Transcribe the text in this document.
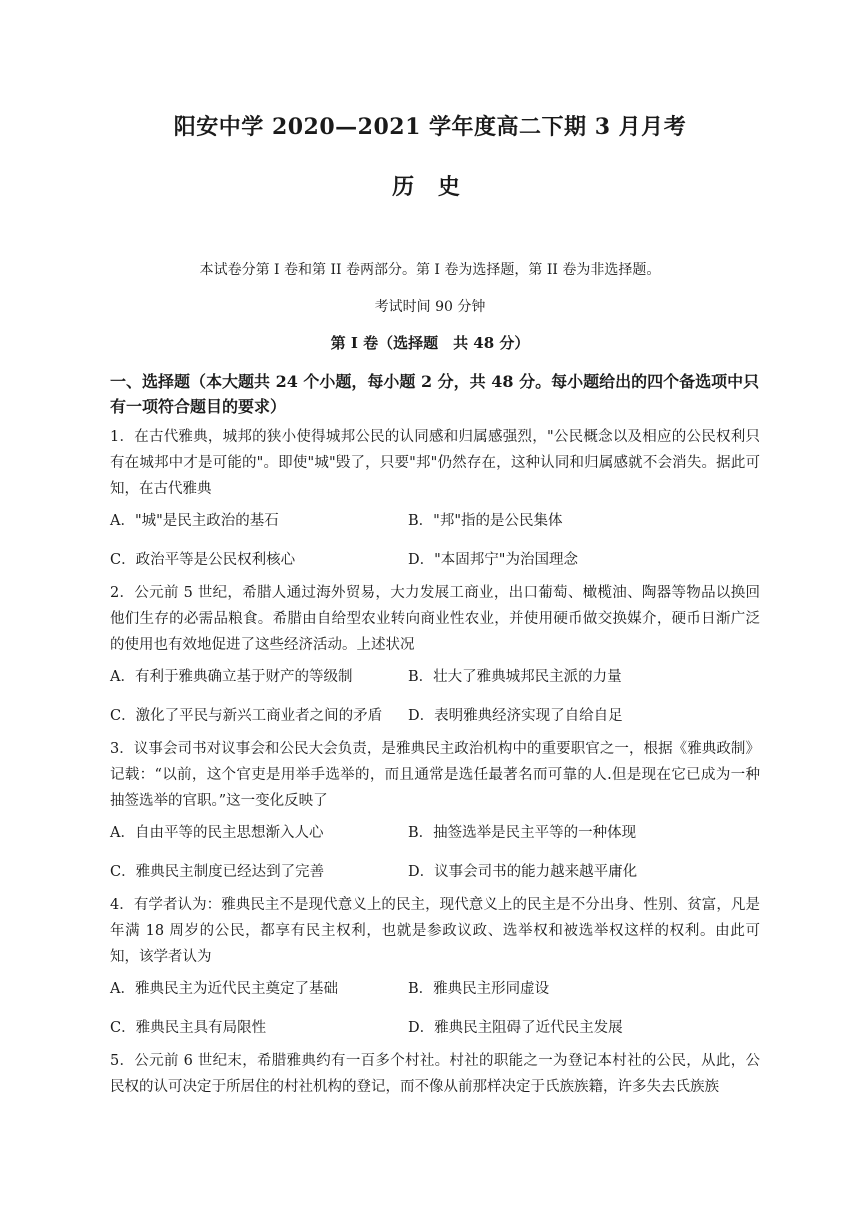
阳安中学 2020—2021 学年度高二下期 3 月月考
历 史
本试卷分第 I 卷和第 II 卷两部分。第 I 卷为选择题，第 II 卷为非选择题。
考试时间 90 分钟
第 I 卷（选择题　共 48 分）
一、选择题（本大题共 24 个小题，每小题 2 分，共 48 分。每小题给出的四个备选项中只有一项符合题目的要求）
1．在古代雅典，城邦的狭小使得城邦公民的认同感和归属感强烈，"公民概念以及相应的公民权利只有在城邦中才是可能的"。即使"城"毁了，只要"邦"仍然存在，这种认同和归属感就不会消失。据此可知，在古代雅典
A．"城"是民主政治的基石	B．"邦"指的是公民集体
C．政治平等是公民权利核心	D．"本固邦宁"为治国理念
2．公元前 5 世纪，希腊人通过海外贸易，大力发展工商业，出口葡萄、橄榄油、陶器等物品以换回他们生存的必需品粮食。希腊由自给型农业转向商业性农业，并使用硬币做交换媒介，硬币日渐广泛的使用也有效地促进了这些经济活动。上述状况
A．有利于雅典确立基于财产的等级制	B．壮大了雅典城邦民主派的力量
C．激化了平民与新兴工商业者之间的矛盾 D．表明雅典经济实现了自给自足
3．议事会司书对议事会和公民大会负责，是雅典民主政治机构中的重要职官之一，根据《雅典政制》记载：“以前，这个官吏是用举手选举的，而且通常是选任最著名而可靠的人.但是现在它已成为一种抽签选举的官职。”这一变化反映了
A．自由平等的民主思想渐入人心	B．抽签选举是民主平等的一种体现
C．雅典民主制度已经达到了完善	D．议事会司书的能力越来越平庸化
4．有学者认为：雅典民主不是现代意义上的民主，现代意义上的民主是不分出身、性别、贫富，凡是年满 18 周岁的公民，都享有民主权利，也就是参政议政、选举权和被选举权这样的权利。由此可知，该学者认为
A．雅典民主为近代民主奠定了基础	B．雅典民主形同虚设
C．雅典民主具有局限性	D．雅典民主阻碍了近代民主发展
5．公元前 6 世纪末，希腊雅典约有一百多个村社。村社的职能之一为登记本村社的公民，从此，公民权的认可决定于所居住的村社机构的登记，而不像从前那样决定于氏族族籍，许多失去氏族族
